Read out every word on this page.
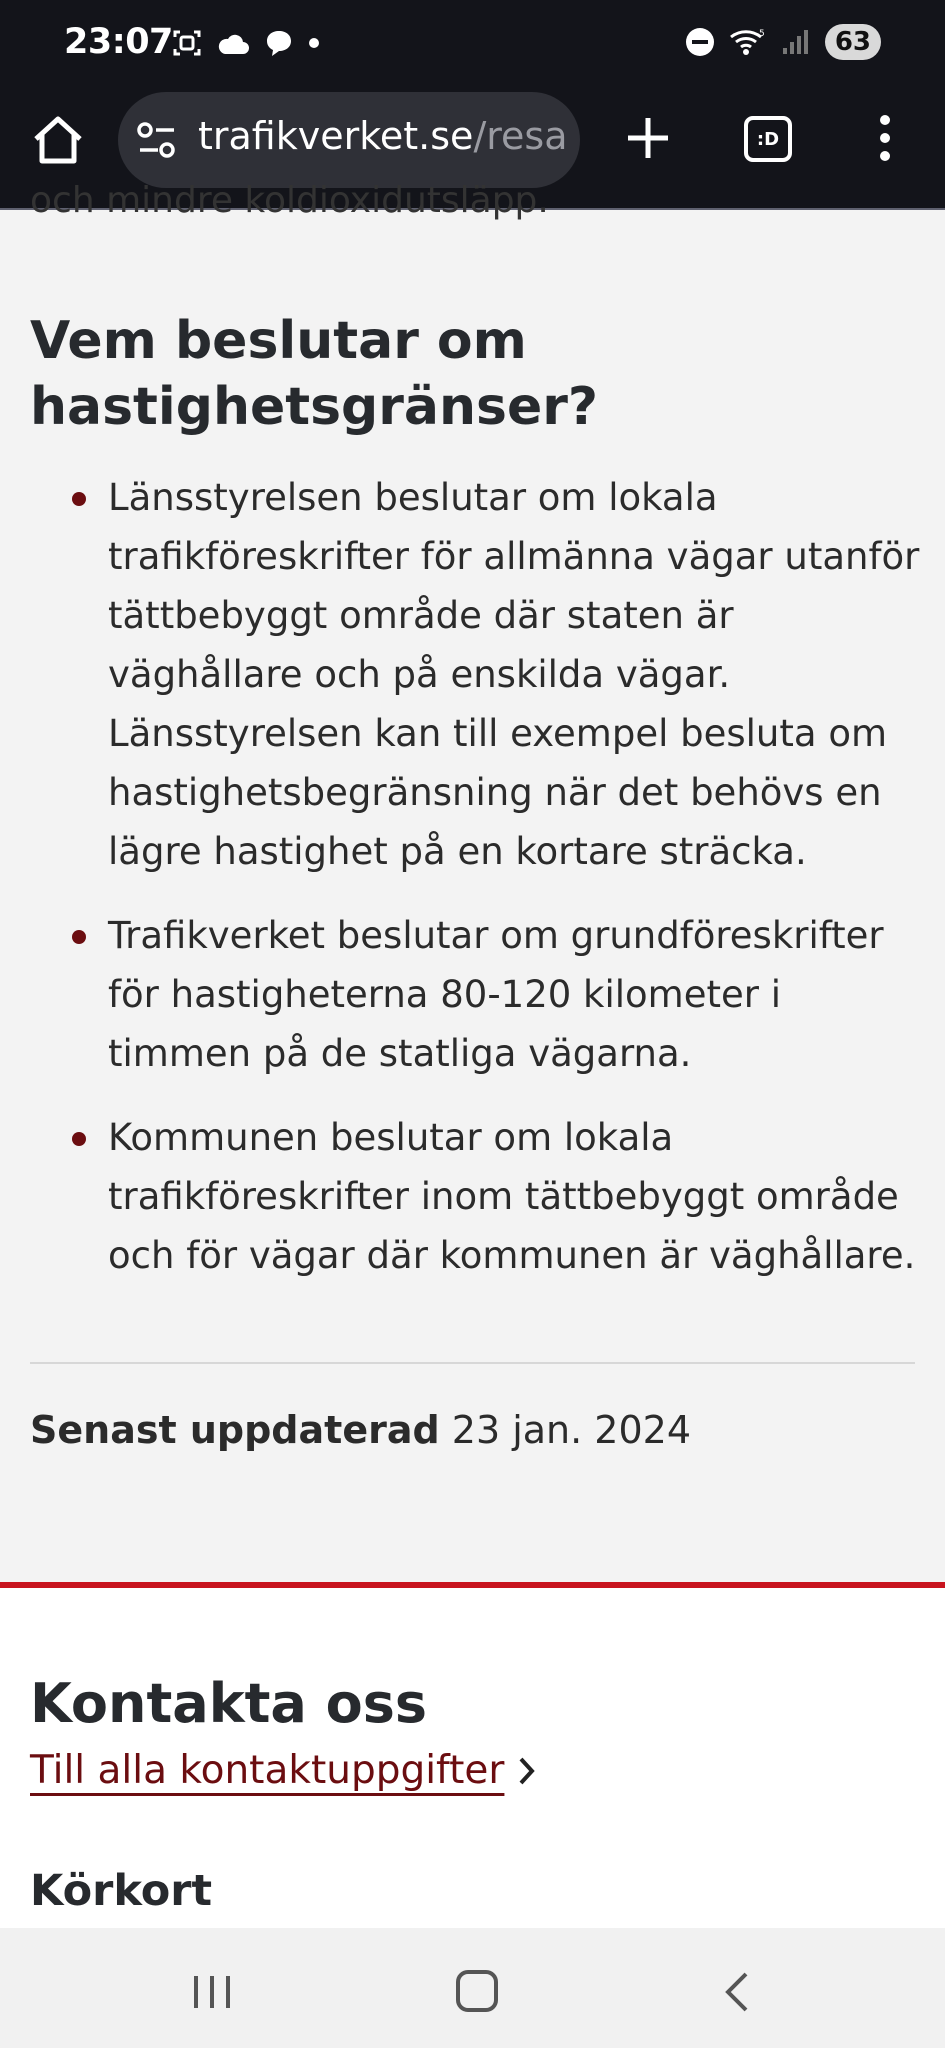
23:07	5	63
trafikverket.se/resa	:D
och mindre koldioxidutsläpp.
Vem beslutar om hastighetsgränser?
Länsstyrelsen beslutar om lokala trafikföreskrifter för allmänna vägar utanför tättbebyggt område där staten är väghållare och på enskilda vägar. Länsstyrelsen kan till exempel besluta om hastighetsbegränsning när det behövs en lägre hastighet på en kortare sträcka.
Trafikverket beslutar om grundföreskrifter för hastigheterna 80-120 kilometer i timmen på de statliga vägarna.
Kommunen beslutar om lokala trafikföreskrifter inom tättbebyggt område och för vägar där kommunen är väghållare.
Senast uppdaterad 23 jan. 2024
Kontakta oss
Till alla kontaktuppgifter
Körkort
